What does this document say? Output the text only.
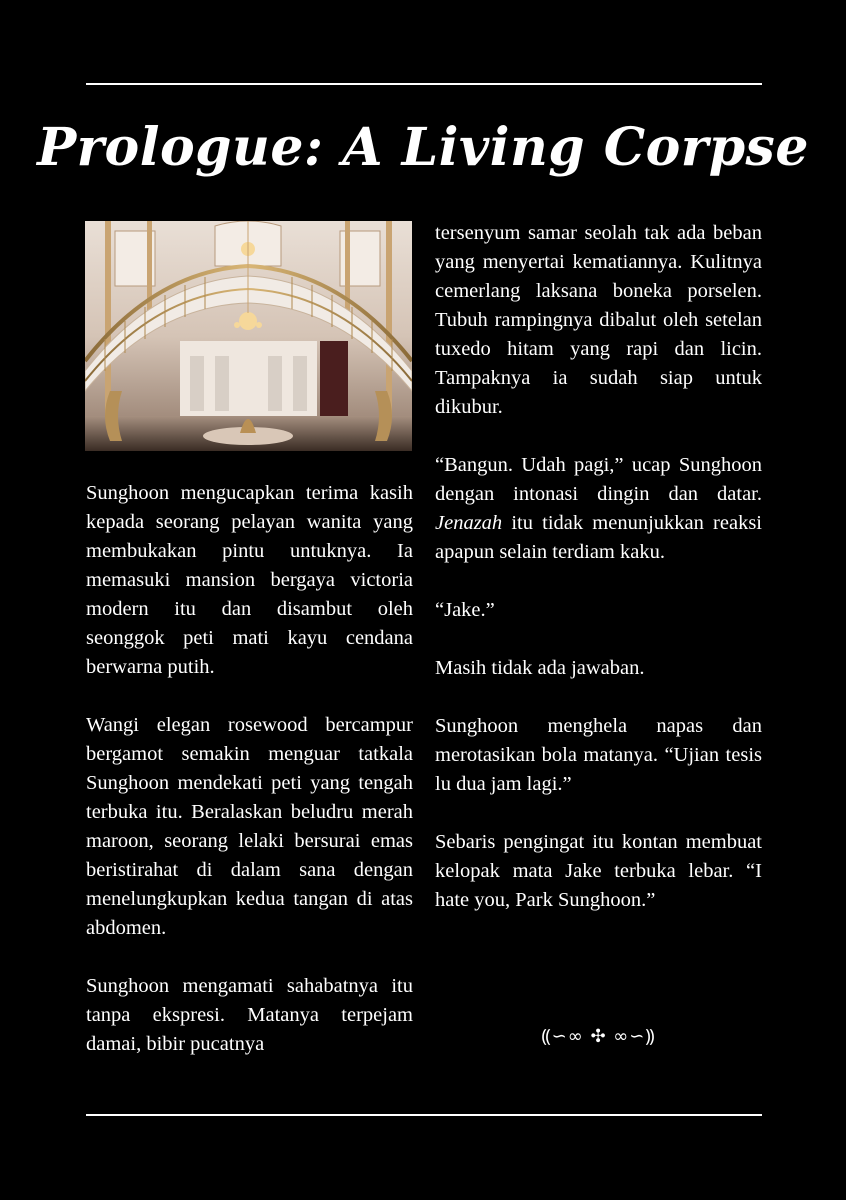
Prologue: A Living Corpse

Sunghoon mengucapkan terima kasih kepada seorang pelayan wanita yang membukakan pintu untuknya. Ia memasuki mansion bergaya victoria modern itu dan disambut oleh seonggok peti mati kayu cendana berwarna putih.

Wangi elegan rosewood bercampur bergamot semakin menguar tatkala Sunghoon mendekati peti yang tengah terbuka itu. Beralaskan beludru merah maroon, seorang lelaki bersurai emas beristirahat di dalam sana dengan menelungkupkan kedua tangan di atas abdomen.

Sunghoon mengamati sahabatnya itu tanpa ekspresi. Matanya terpejam damai, bibir pucatnya

tersenyum samar seolah tak ada beban yang menyertai kematiannya. Kulitnya cemerlang laksana boneka porselen. Tubuh rampingnya dibalut oleh setelan tuxedo hitam yang rapi dan licin. Tampaknya ia sudah siap untuk dikubur.

“Bangun. Udah pagi,” ucap Sunghoon dengan intonasi dingin dan datar. Jenazah itu tidak menunjukkan reaksi apapun selain terdiam kaku.

“Jake.”

Masih tidak ada jawaban.

Sunghoon menghela napas dan merotasikan bola matanya. “Ujian tesis lu dua jam lagi.”

Sebaris pengingat itu kontan membuat kelopak mata Jake terbuka lebar. “I hate you, Park Sunghoon.”

⸨∽∞ ✣ ∞∽⸩
